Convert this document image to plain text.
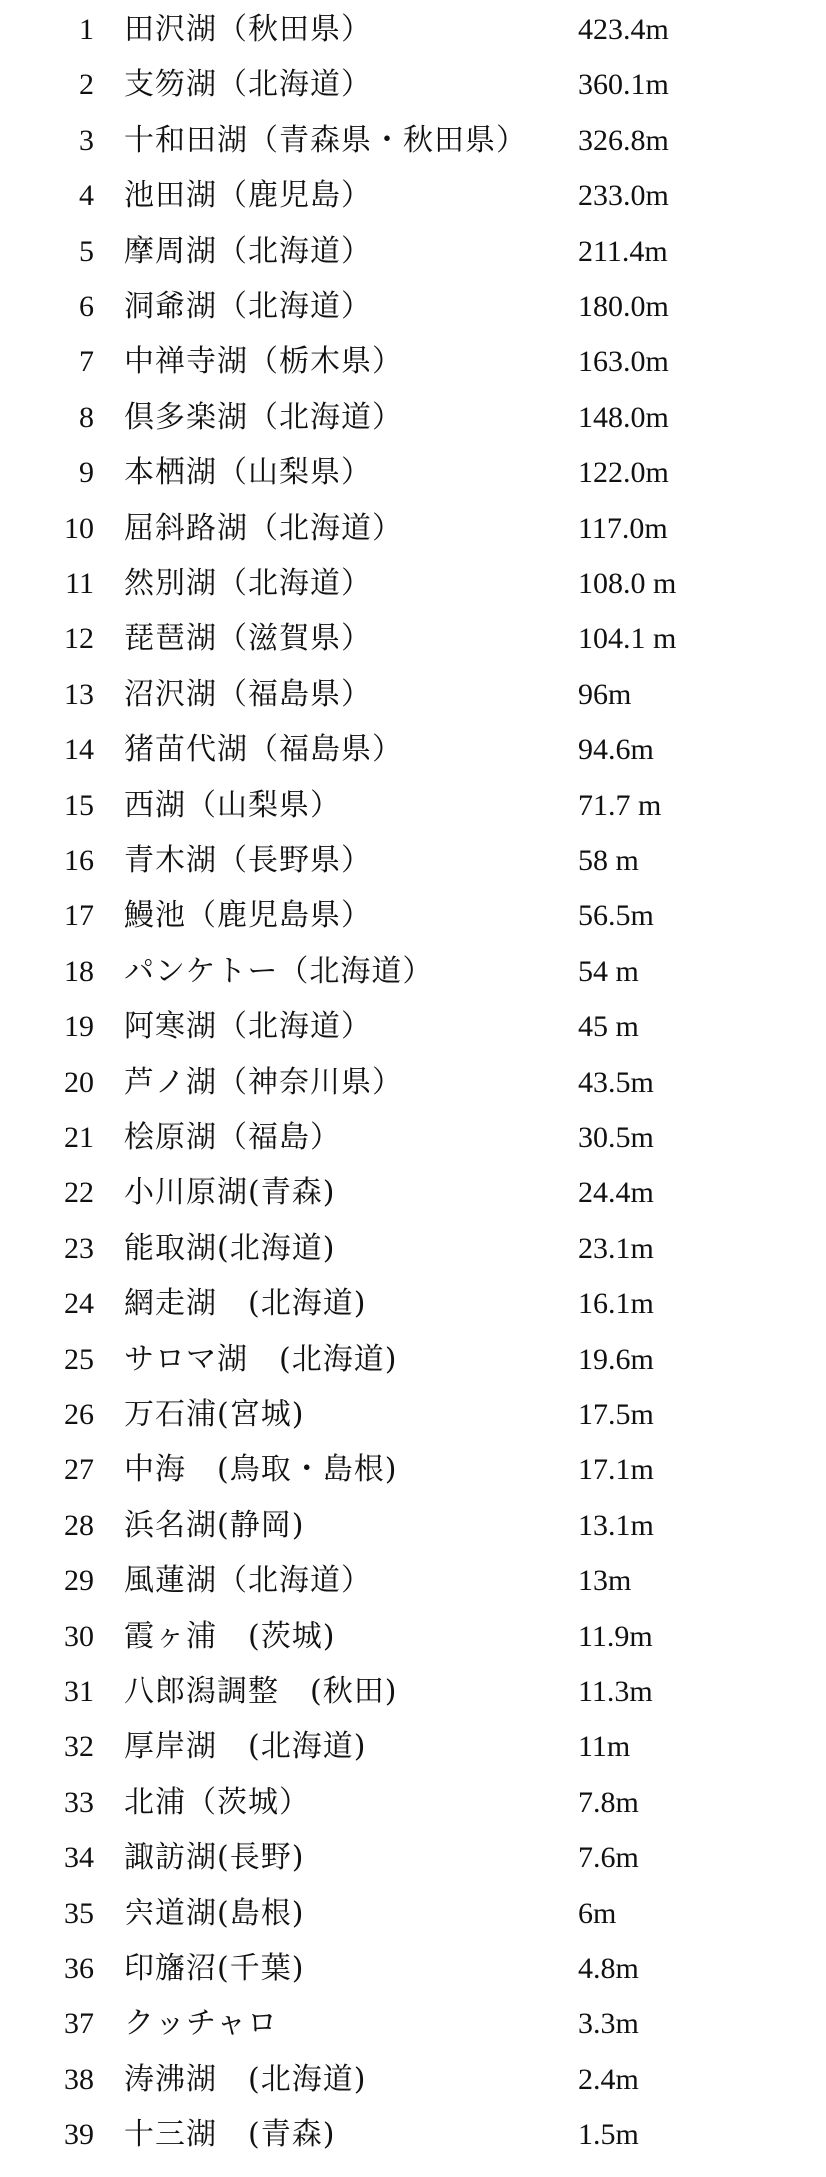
1 田沢湖（秋田県）	423.4m
2 支笏湖（北海道）	360.1m
3 十和田湖（青森県・秋田県） 326.8m
4 池田湖（鹿児島）	233.0m
5 摩周湖（北海道）	211.4m
6 洞爺湖（北海道）	180.0m
7 中禅寺湖（栃木県）	163.0m
8 倶多楽湖（北海道）	148.0m
9 本栖湖（山梨県）	122.0m
10 屈斜路湖（北海道）	117.0m
11 然別湖（北海道）	108.0 m
12 琵琶湖（滋賀県）	104.1 m
13 沼沢湖（福島県）	96m
14 猪苗代湖（福島県）	94.6m
15 西湖（山梨県）	71.7 m
16 青木湖（長野県）	58 m
17 鰻池（鹿児島県）	56.5m
18 パンケトー（北海道）	54 m
19 阿寒湖（北海道）	45 m
20 芦ノ湖（神奈川県）	43.5m
21 桧原湖（福島）	30.5m
22 小川原湖(青森)	24.4m
23 能取湖(北海道)	23.1m
24 網走湖　(北海道)	16.1m
25 サロマ湖　(北海道)	19.6m
26 万石浦(宮城)	17.5m
27 中海　(鳥取・島根)	17.1m
28 浜名湖(静岡)	13.1m
29 風蓮湖（北海道）	13m
30 霞ヶ浦　(茨城)	11.9m
31 八郎潟調整　(秋田)	11.3m
32 厚岸湖　(北海道)	11m
33 北浦（茨城）	7.8m
34 諏訪湖(長野)	7.6m
35 宍道湖(島根)	6m
36 印旛沼(千葉)	4.8m
37 クッチャロ	3.3m
38 涛沸湖　(北海道)	2.4m
39 十三湖　(青森)	1.5m
